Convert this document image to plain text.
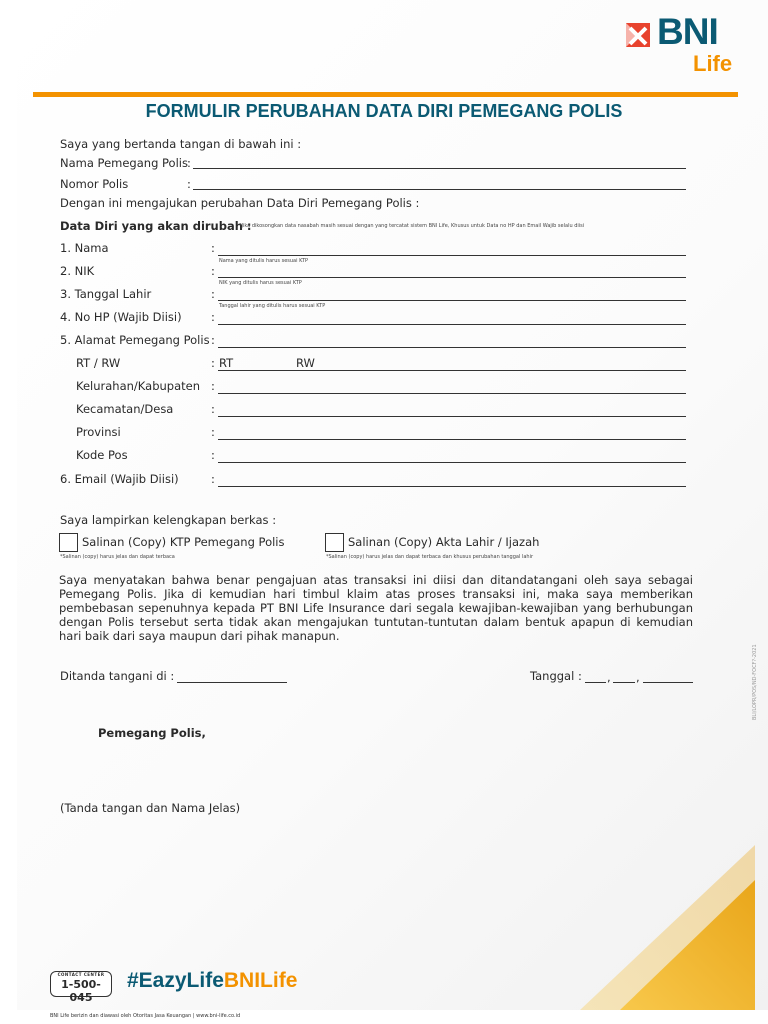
BNI
Life
FORMULIR PERUBAHAN DATA DIRI PEMEGANG POLIS
Saya yang bertanda tangan di bawah ini :
Nama Pemegang Polis :
Nomor Polis	:
Dengan ini mengajukan perubahan Data Diri Pemegang Polis :
Data Diri yang akan dirubah :
*Jika dikosongkan data nasabah masih sesuai dengan yang tercatat sistem BNI Life, Khusus untuk Data no HP dan Email Wajib selalu diisi
1. Nama	:
Nama yang ditulis harus sesuai KTP
2. NIK	:
NIK yang ditulis harus sesuai KTP
3. Tanggal Lahir	:
Tanggal lahir yang ditulis harus sesuai KTP
4. No HP (Wajib Diisi)	:
5. Alamat Pemegang Polis :
RT / RW	: RT	RW
Kelurahan/Kabupaten :
Kecamatan/Desa	:
Provinsi	:
Kode Pos	:
6. Email (Wajib Diisi)	:
Saya lampirkan kelengkapan berkas :
Salinan (Copy) KTP Pemegang Polis
*Salinan (copy) harus jelas dan dapat terbaca
Salinan (Copy) Akta Lahir / Ijazah
*Salinan (copy) harus jelas dan dapat terbaca dan khusus perubahan tanggal lahir
Saya menyatakan bahwa benar pengajuan atas transaksi ini diisi dan ditandatangani oleh saya sebagai Pemegang Polis. Jika di kemudian hari timbul klaim atas proses transaksi ini, maka saya memberikan pembebasan sepenuhnya kepada PT BNI Life Insurance dari segala kewajiban-kewajiban yang berhubungan dengan Polis tersebut serta tidak akan mengajukan tuntutan-tuntutan dalam bentuk apapun di kemudian hari baik dari saya maupun dari pihak manapun.
Ditanda tangani di :	Tanggal : , ,
Pemegang Polis,
(Tanda tangan dan Nama Jelas)
BLI/LOPR/POS/ND-FOCF?-2021
CONTACT CENTER
1-500-045
#EazyLifeBNILife
BNI Life berizin dan diawasi oleh Otoritas Jasa Keuangan | www.bni-life.co.id
